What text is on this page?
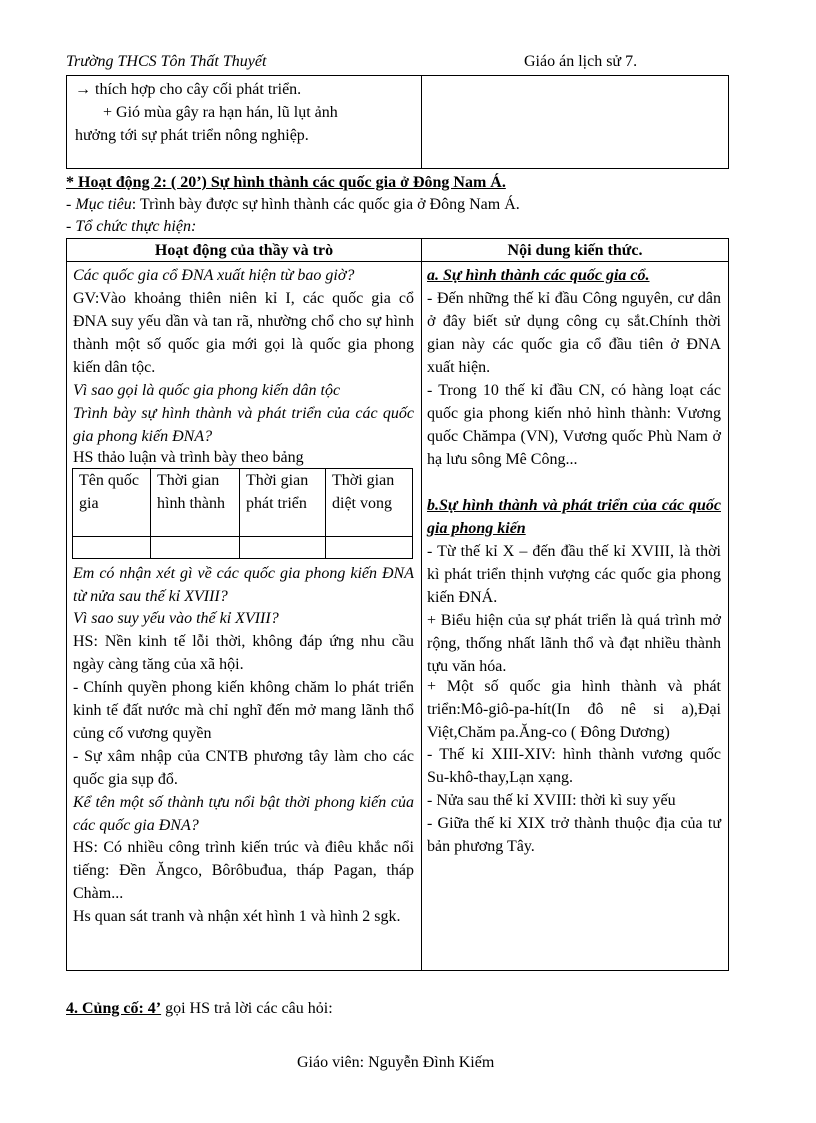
Trường THCS Tôn Thất Thuyết	Giáo án lịch sử 7.
→ thích hợp cho cây cối phát triển.
+ Gió mùa gây ra hạn hán, lũ lụt ảnh
hưởng tới sự phát triển nông nghiệp.
* Hoạt động 2: ( 20’) Sự hình thành các quốc gia ở Đông Nam Á.
- Mục tiêu: Trình bày được sự hình thành các quốc gia ở Đông Nam Á.
- Tổ chức thực hiện:
Hoạt động của thầy và trò	Nội dung kiến thức.
Các quốc gia cổ ĐNA xuất hiện từ bao giờ?
GV:Vào khoảng thiên niên kỉ I, các quốc gia cổ ĐNA suy yếu dần và tan rã, nhường chổ cho sự hình thành một số quốc gia mới gọi là quốc gia phong kiến dân tộc.
Vì sao gọi là quốc gia phong kiến dân tộc
Trình bày sự hình thành và phát triển của các quốc gia phong kiến ĐNA?
HS thảo luận và trình bày theo bảng
Tên quốc gia	Thời gian hình thành	Thời gian phát triển	Thời gian diệt vong

Em có nhận xét gì về các quốc gia phong kiến ĐNA từ nửa sau thế kỉ XVIII?
Vì sao suy yếu vào thế kỉ XVIII?
HS: Nền kinh tế lỗi thời, không đáp ứng nhu cầu ngày càng tăng của xã hội.
- Chính quyền phong kiến không chăm lo phát triển kinh tế đất nước mà chỉ nghĩ đến mở mang lãnh thổ củng cố vương quyền
- Sự xâm nhập của CNTB phương tây làm cho các quốc gia sụp đổ.
Kể tên một số thành tựu nổi bật thời phong kiến của các quốc gia ĐNA?
HS: Có nhiều công trình kiến trúc và điêu khắc nổi tiếng: Đền Ăngco, Bôrôbuđua, tháp Pagan, tháp Chàm...
Hs quan sát tranh và nhận xét hình 1 và hình 2 sgk.
a. Sự hình thành các quốc gia cổ.
- Đến những thế kỉ đầu Công nguyên, cư dân ở đây biết sử dụng công cụ sắt.Chính thời gian này các quốc gia cổ đầu tiên ở ĐNA xuất hiện.
- Trong 10 thế kỉ đầu CN, có hàng loạt các quốc gia phong kiến nhỏ hình thành: Vương quốc Chămpa (VN), Vương quốc Phù Nam ở hạ lưu sông Mê Công...
b.Sự hình thành và phát triển của các quốc gia phong kiến
- Từ thế kỉ X – đến đầu thế kỉ XVIII, là thời kì phát triển thịnh vượng các quốc gia phong kiến ĐNÁ.
+ Biểu hiện của sự phát triển là quá trình mở rộng, thống nhất lãnh thổ và đạt nhiều thành tựu văn hóa.
+ Một số quốc gia hình thành và phát triển:Mô-giô-pa-hít(In đô nê si a),Đại Việt,Chăm pa.Ăng-co ( Đông Dương)
- Thế kỉ XIII-XIV: hình thành vương quốc Su-khô-thay,Lạn xạng.
- Nửa sau thế kỉ XVIII: thời kì suy yếu
- Giữa thế kỉ XIX trở thành thuộc địa của tư bản phương Tây.
4. Củng cố: 4’ gọi HS trả lời các câu hỏi:
Giáo viên: Nguyễn Đình Kiếm
